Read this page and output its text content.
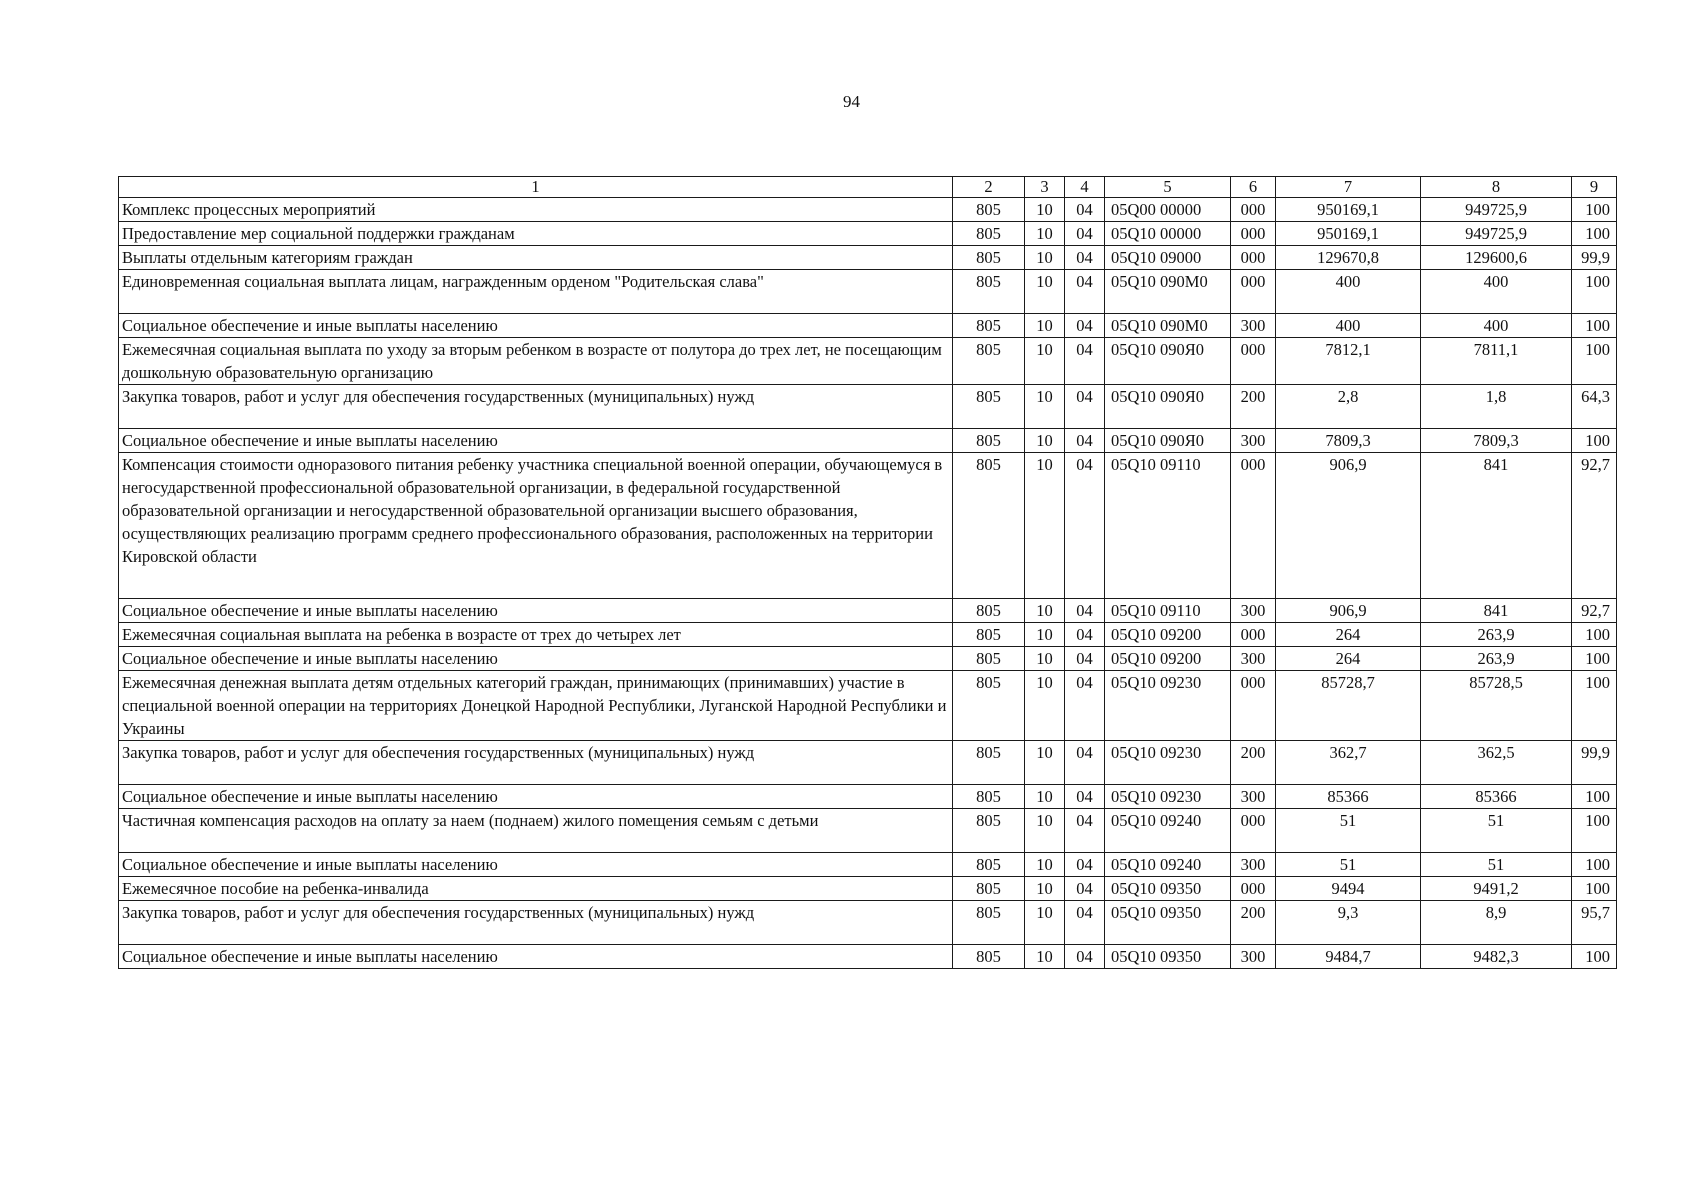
94
1	2	3	4	5	6	7	8	9
Комплекс процессных мероприятий	805	10	04	05Q00 00000	000	950169,1	949725,9	100
Предоставление мер социальной поддержки гражданам	805	10	04	05Q10 00000	000	950169,1	949725,9	100
Выплаты отдельным категориям граждан	805	10	04	05Q10 09000	000	129670,8	129600,6	99,9
Единовременная социальная выплата лицам, награжденным орденом "Родительская слава"	805	10	04	05Q10 090M0	000	400	400	100
Социальное обеспечение и иные выплаты населению	805	10	04	05Q10 090M0	300	400	400	100
Ежемесячная социальная выплата по уходу за вторым ребенком в возрасте от полутора до трех лет, не посещающим дошкольную образовательную организацию	805	10	04	05Q10 090Я0	000	7812,1	7811,1	100
Закупка товаров, работ и услуг для обеспечения государственных (муниципальных) нужд	805	10	04	05Q10 090Я0	200	2,8	1,8	64,3
Социальное обеспечение и иные выплаты населению	805	10	04	05Q10 090Я0	300	7809,3	7809,3	100
Компенсация стоимости одноразового питания ребенку участника специальной военной операции, обучающемуся в негосударственной профессиональной образовательной организации, в федеральной государственной образовательной организации и негосударственной образовательной организации высшего образования, осуществляющих реализацию программ среднего профессионального образования, расположенных на территории Кировской области	805	10	04	05Q10 09110	000	906,9	841	92,7
Социальное обеспечение и иные выплаты населению	805	10	04	05Q10 09110	300	906,9	841	92,7
Ежемесячная социальная выплата на ребенка в возрасте от трех до четырех лет	805	10	04	05Q10 09200	000	264	263,9	100
Социальное обеспечение и иные выплаты населению	805	10	04	05Q10 09200	300	264	263,9	100
Ежемесячная денежная выплата детям отдельных категорий граждан, принимающих (принимавших) участие в специальной военной операции на территориях Донецкой Народной Республики, Луганской Народной Республики и Украины	805	10	04	05Q10 09230	000	85728,7	85728,5	100
Закупка товаров, работ и услуг для обеспечения государственных (муниципальных) нужд	805	10	04	05Q10 09230	200	362,7	362,5	99,9
Социальное обеспечение и иные выплаты населению	805	10	04	05Q10 09230	300	85366	85366	100
Частичная компенсация расходов на оплату за наем (поднаем) жилого помещения семьям с детьми	805	10	04	05Q10 09240	000	51	51	100
Социальное обеспечение и иные выплаты населению	805	10	04	05Q10 09240	300	51	51	100
Ежемесячное пособие на ребенка-инвалида	805	10	04	05Q10 09350	000	9494	9491,2	100
Закупка товаров, работ и услуг для обеспечения государственных (муниципальных) нужд	805	10	04	05Q10 09350	200	9,3	8,9	95,7
Социальное обеспечение и иные выплаты населению	805	10	04	05Q10 09350	300	9484,7	9482,3	100
